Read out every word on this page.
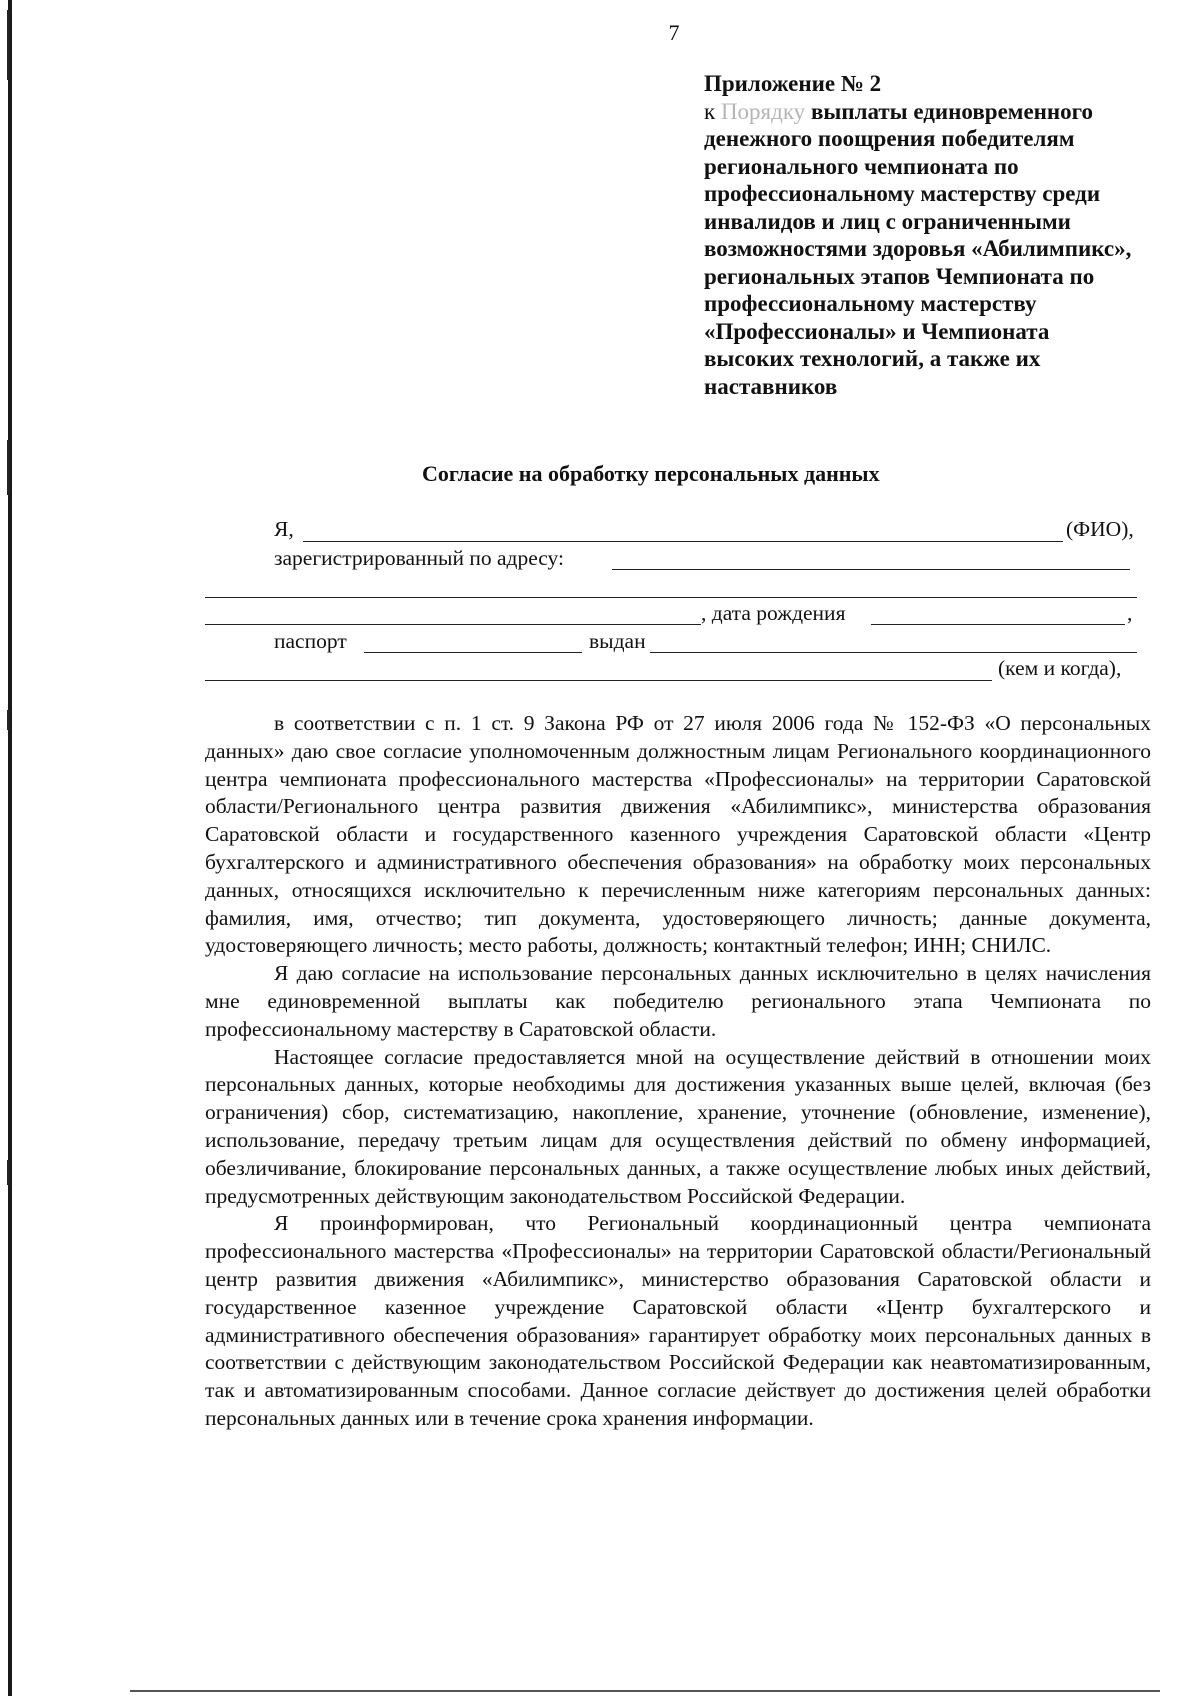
7
Приложение № 2
к Порядку выплаты единовременного денежного поощрения победителям регионального чемпионата по профессиональному мастерству среди инвалидов и лиц с ограниченными возможностями здоровья «Абилимпикс», региональных этапов Чемпионата по профессиональному мастерству «Профессионалы» и Чемпионата высоких технологий, а также их наставников
Согласие на обработку персональных данных
Я,	(ФИО),
зарегистрированный по адресу:
, дата рождения	,
паспорт	выдан
(кем и когда),

в соответствии с п. 1 ст. 9 Закона РФ от 27 июля 2006 года № 152-ФЗ «О персональных данных» даю свое согласие уполномоченным должностным лицам Регионального координационного центра чемпионата профессионального мастерства «Профессионалы» на территории Саратовской области/Регионального центра развития движения «Абилимпикс», министерства образования Саратовской области и государственного казенного учреждения Саратовской области «Центр бухгалтерского и административного обеспечения образования» на обработку моих персональных данных, относящихся исключительно к перечисленным ниже категориям персональных данных: фамилия, имя, отчество; тип документа, удостоверяющего личность; данные документа, удостоверяющего личность; место работы, должность; контактный телефон; ИНН; СНИЛС.

Я даю согласие на использование персональных данных исключительно в целях начисления мне единовременной выплаты как победителю регионального этапа Чемпионата по профессиональному мастерству в Саратовской области.

Настоящее согласие предоставляется мной на осуществление действий в отношении моих персональных данных, которые необходимы для достижения указанных выше целей, включая (без ограничения) сбор, систематизацию, накопление, хранение, уточнение (обновление, изменение), использование, передачу третьим лицам для осуществления действий по обмену информацией, обезличивание, блокирование персональных данных, а также осуществление любых иных действий, предусмотренных действующим законодательством Российской Федерации.

Я проинформирован, что Региональный координационный центра чемпионата профессионального мастерства «Профессионалы» на территории Саратовской области/Региональный центр развития движения «Абилимпикс», министерство образования Саратовской области и государственное казенное учреждение Саратовской области «Центр бухгалтерского и административного обеспечения образования» гарантирует обработку моих персональных данных в соответствии с действующим законодательством Российской Федерации как неавтоматизированным, так и автоматизированным способами. Данное согласие действует до достижения целей обработки персональных данных или в течение срока хранения информации.
